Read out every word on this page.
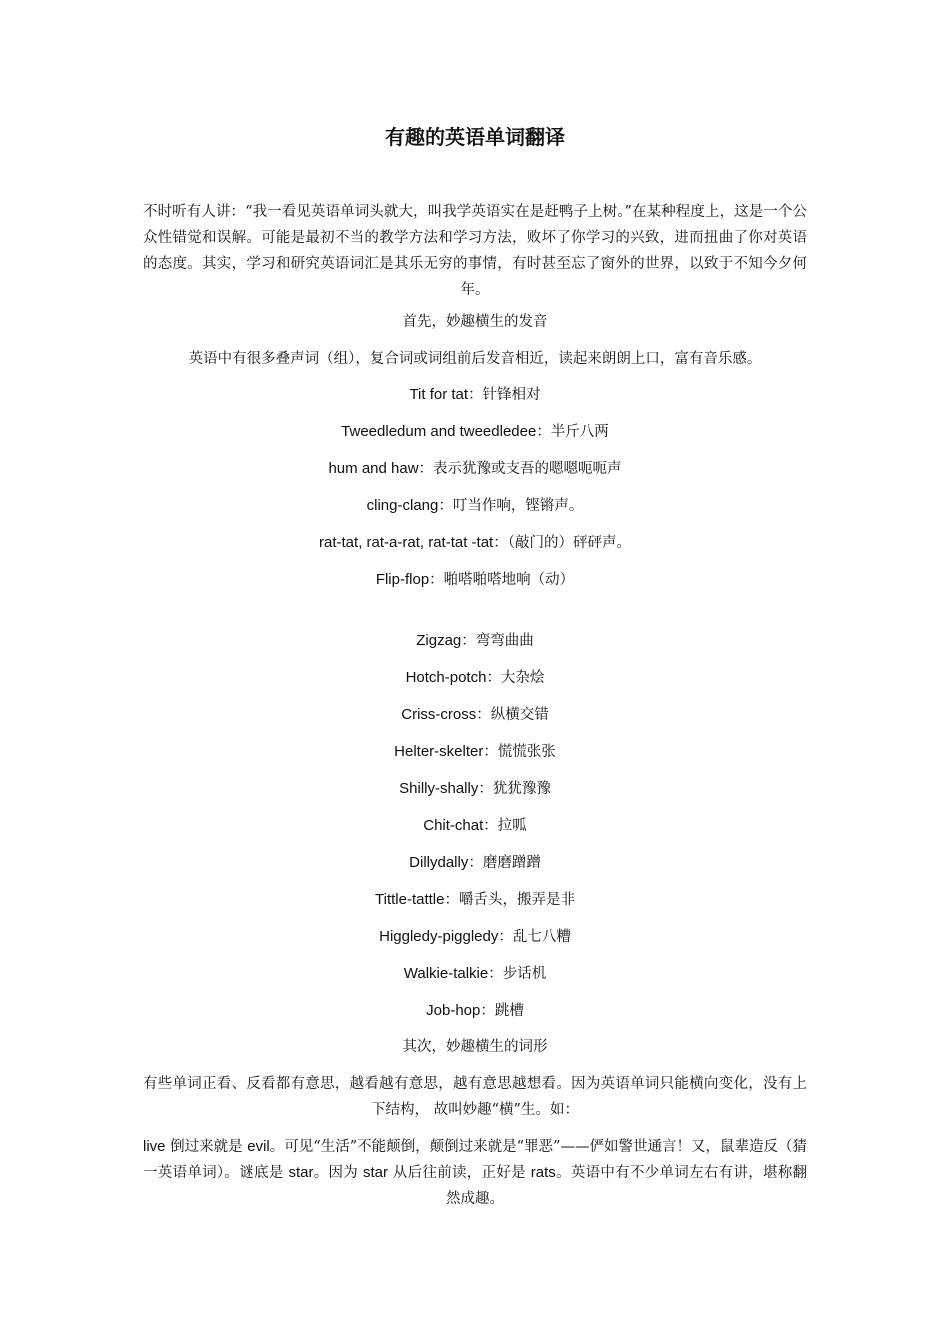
有趣的英语单词翻译

不时听有人讲：“我一看见英语单词头就大，叫我学英语实在是赶鸭子上树。”在某种程度上，这是一个公众性错觉和误解。可能是最初不当的教学方法和学习方法，败坏了你学习的兴致，进而扭曲了你对英语的态度。其实，学习和研究英语词汇是其乐无穷的事情，有时甚至忘了窗外的世界，以致于不知今夕何年。

首先，妙趣横生的发音

英语中有很多叠声词（组），复合词或词组前后发音相近，读起来朗朗上口，富有音乐感。

Tit for tat：针锋相对

Tweedledum and tweedledee：半斤八两

hum and haw：表示犹豫或支吾的嗯嗯呃呃声

cling-clang：叮当作响，铿锵声。

rat-tat, rat-a-rat, rat-tat -tat：（敲门的）砰砰声。

Flip-flop：啪嗒啪嗒地响（动）

Zigzag：弯弯曲曲

Hotch-potch：大杂烩

Criss-cross：纵横交错

Helter-skelter：慌慌张张

Shilly-shally：犹犹豫豫

Chit-chat：拉呱

Dillydally：磨磨蹭蹭

Tittle-tattle：嚼舌头，搬弄是非

Higgledy-piggledy：乱七八糟

Walkie-talkie：步话机

Job-hop：跳槽

其次，妙趣横生的词形

有些单词正看、反看都有意思，越看越有意思，越有意思越想看。因为英语单词只能横向变化，没有上下结构， 故叫妙趣“横”生。如：

live 倒过来就是 evil。可见“生活”不能颠倒，颠倒过来就是“罪恶”——俨如警世通言！又，鼠辈造反（猜一英语单词）。谜底是 star。因为 star 从后往前读，正好是 rats。英语中有不少单词左右有讲，堪称翻然成趣。
